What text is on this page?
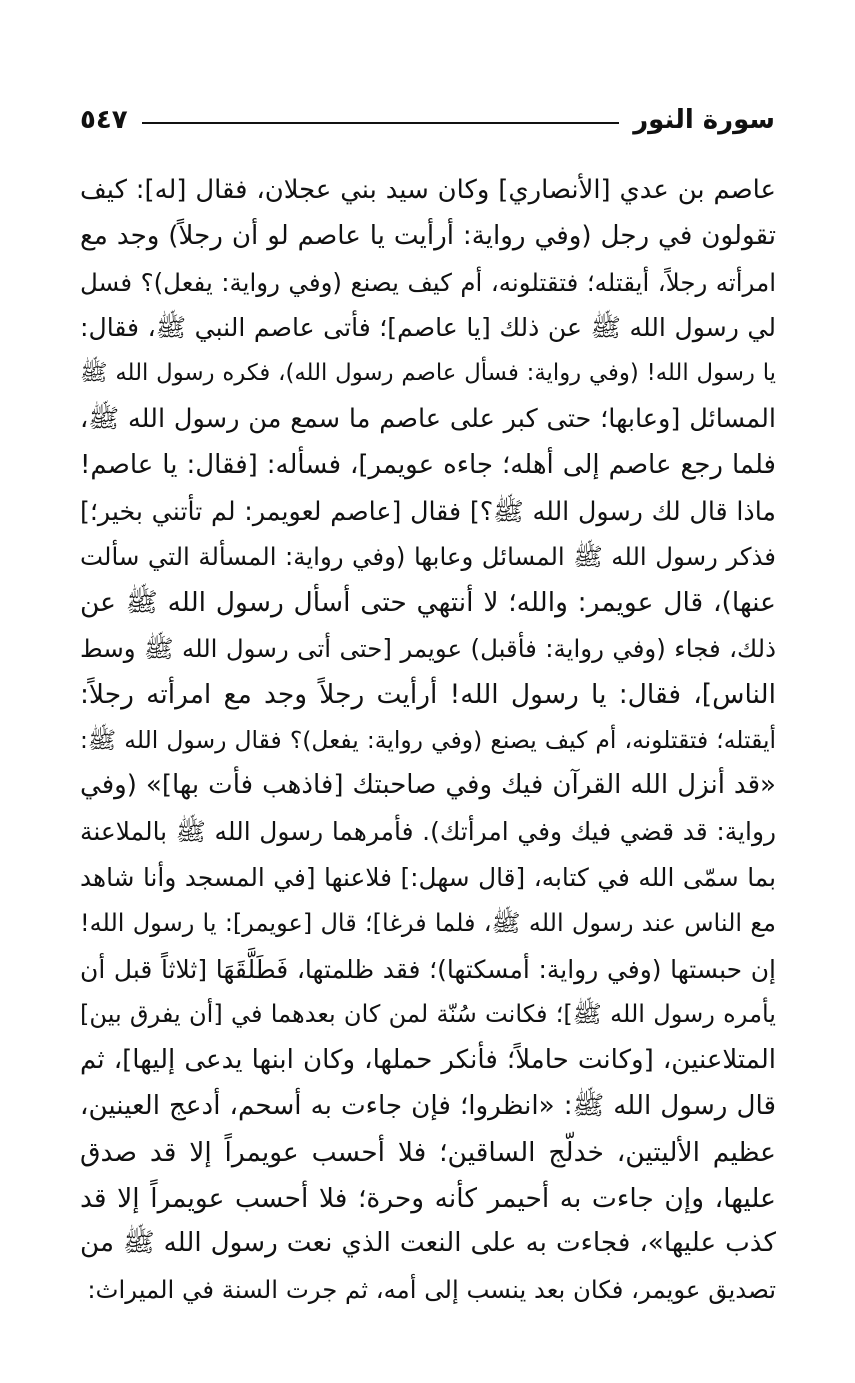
سورة النور
٥٤٧
عاصم بن عدي [الأنصاري] وكان سيد بني عجلان، فقال [له]: كيف
تقولون في رجل (وفي رواية: أرأيت يا عاصم لو أن رجلاً) وجد مع
امرأته رجلاً، أيقتله؛ فتقتلونه، أم كيف يصنع (وفي رواية: يفعل)؟ فسل
لي رسول الله ﷺ عن ذلك [يا عاصم]؛ فأتى عاصم النبي ﷺ، فقال:
يا رسول الله! (وفي رواية: فسأل عاصم رسول الله)، فكره رسول الله ﷺ
المسائل [وعابها؛ حتى كبر على عاصم ما سمع من رسول الله ﷺ،
فلما رجع عاصم إلى أهله؛ جاءه عويمر]، فسأله: [فقال: يا عاصم!
ماذا قال لك رسول الله ﷺ؟] فقال [عاصم لعويمر: لم تأتني بخير؛]
فذكر رسول الله ﷺ المسائل وعابها (وفي رواية: المسألة التي سألت
عنها)، قال عويمر: والله؛ لا أنتهي حتى أسأل رسول الله ﷺ عن
ذلك، فجاء (وفي رواية: فأقبل) عويمر [حتى أتى رسول الله ﷺ وسط
الناس]، فقال: يا رسول الله! أرأيت رجلاً وجد مع امرأته رجلاً:
أيقتله؛ فتقتلونه، أم كيف يصنع (وفي رواية: يفعل)؟ فقال رسول الله ﷺ:
«قد أنزل الله القرآن فيك وفي صاحبتك [فاذهب فأت بها]» (وفي
رواية: قد قضي فيك وفي امرأتك). فأمرهما رسول الله ﷺ بالملاعنة
بما سمّى الله في كتابه، [قال سهل:] فلاعنها [في المسجد وأنا شاهد
مع الناس عند رسول الله ﷺ، فلما فرغا]؛ قال [عويمر]: يا رسول الله!
إن حبستها (وفي رواية: أمسكتها)؛ فقد ظلمتها، فَطَلَّقَهَا [ثلاثاً قبل أن
يأمره رسول الله ﷺ]؛ فكانت سُنّة لمن كان بعدهما في [أن يفرق بين]
المتلاعنين، [وكانت حاملاً؛ فأنكر حملها، وكان ابنها يدعى إليها]، ثم
قال رسول الله ﷺ: «انظروا؛ فإن جاءت به أسحم، أدعج العينين،
عظيم الأليتين، خدلّج الساقين؛ فلا أحسب عويمراً إلا قد صدق
عليها، وإن جاءت به أحيمر كأنه وحرة؛ فلا أحسب عويمراً إلا قد
كذب عليها»، فجاءت به على النعت الذي نعت رسول الله ﷺ من
تصديق عويمر، فكان بعد ينسب إلى أمه، ثم جرت السنة في الميراث:
